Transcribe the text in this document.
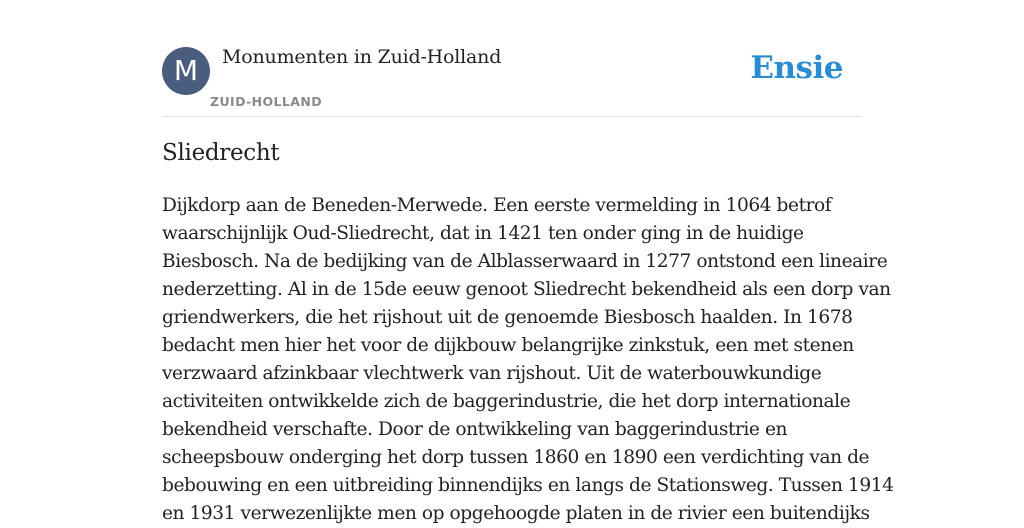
M	Monumenten in Zuid-Holland
ZUID-HOLLAND
Ensie
Sliedrecht
Dijkdorp aan de Beneden-Merwede. Een eerste vermelding in 1064 betrof
waarschijnlijk Oud-Sliedrecht, dat in 1421 ten onder ging in de huidige
Biesbosch. Na de bedijking van de Alblasserwaard in 1277 ontstond een lineaire
nederzetting. Al in de 15de eeuw genoot Sliedrecht bekendheid als een dorp van
griendwerkers, die het rijshout uit de genoemde Biesbosch haalden. In 1678
bedacht men hier het voor de dijkbouw belangrijke zinkstuk, een met stenen
verzwaard afzinkbaar vlechtwerk van rijshout. Uit de waterbouwkundige
activiteiten ontwikkelde zich de baggerindustrie, die het dorp internationale
bekendheid verschafte. Door de ontwikkeling van baggerindustrie en
scheepsbouw onderging het dorp tussen 1860 en 1890 een verdichting van de
bebouwing en een uitbreiding binnendijks en langs de Stationsweg. Tussen 1914
en 1931 verwezenlijkte men op opgehoogde platen in de rivier een buitendijks
